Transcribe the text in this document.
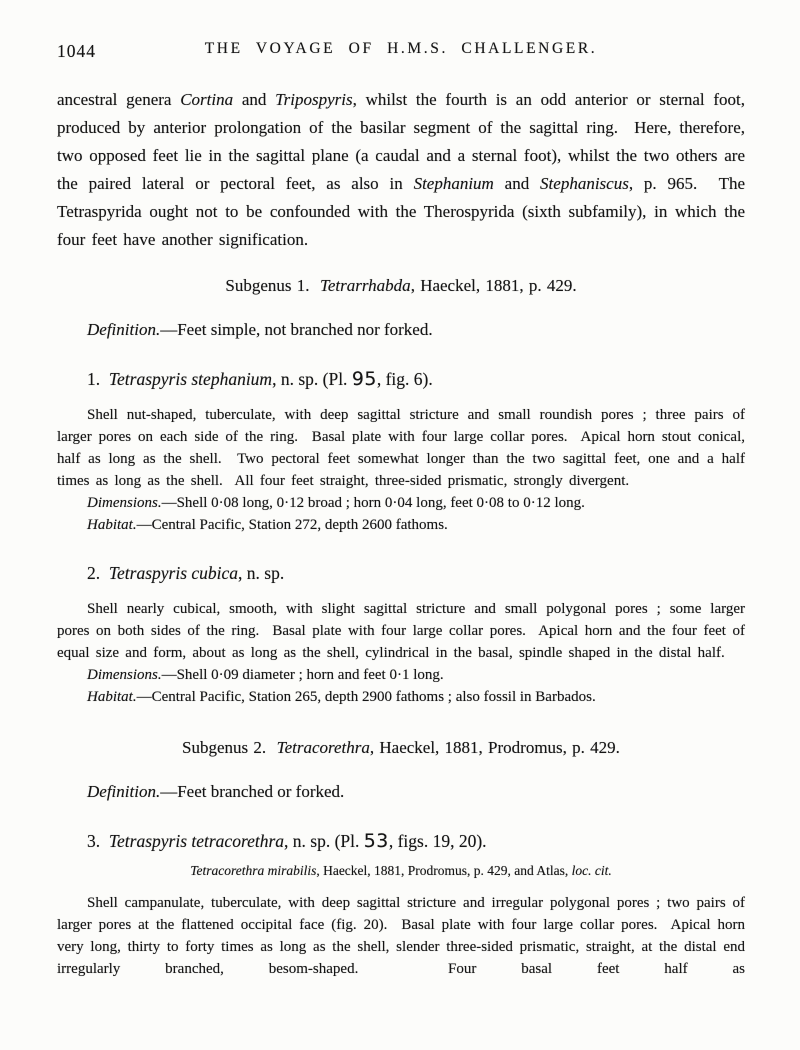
1044	THE VOYAGE OF H.M.S. CHALLENGER.

ancestral genera Cortina and Tripospyris, whilst the fourth is an odd anterior or sternal foot, produced by anterior prolongation of the basilar segment of the sagittal ring.  Here, therefore, two opposed feet lie in the sagittal plane (a caudal and a sternal foot), whilst the two others are the paired lateral or pectoral feet, as also in Stephanium and Stephaniscus, p. 965.  The Tetraspyrida ought not to be confounded with the Therospyrida (sixth subfamily), in which the four feet have another signification.

Subgenus 1.  Tetrarrhabda, Haeckel, 1881, p. 429.
Definition.—Feet simple, not branched nor forked.
1.  Tetraspyris stephanium, n. sp. (Pl. 95, fig. 6).

Shell nut-shaped, tuberculate, with deep sagittal stricture and small roundish pores ; three pairs of larger pores on each side of the ring.  Basal plate with four large collar pores.  Apical horn stout conical, half as long as the shell.  Two pectoral feet somewhat longer than the two sagittal feet, one and a half times as long as the shell.  All four feet straight, three-sided prismatic, strongly divergent.

Dimensions.—Shell 0·08 long, 0·12 broad ; horn 0·04 long, feet 0·08 to 0·12 long.
Habitat.—Central Pacific, Station 272, depth 2600 fathoms.
2.  Tetraspyris cubica, n. sp.

Shell nearly cubical, smooth, with slight sagittal stricture and small polygonal pores ; some larger pores on both sides of the ring.  Basal plate with four large collar pores.  Apical horn and the four feet of equal size and form, about as long as the shell, cylindrical in the basal, spindle shaped in the distal half.

Dimensions.—Shell 0·09 diameter ; horn and feet 0·1 long.
Habitat.—Central Pacific, Station 265, depth 2900 fathoms ; also fossil in Barbados.
Subgenus 2.  Tetracorethra, Haeckel, 1881, Prodromus, p. 429.
Definition.—Feet branched or forked.
3.  Tetraspyris tetracorethra, n. sp. (Pl. 53, figs. 19, 20).
Tetracorethra mirabilis, Haeckel, 1881, Prodromus, p. 429, and Atlas, loc. cit.

Shell campanulate, tuberculate, with deep sagittal stricture and irregular polygonal pores ; two pairs of larger pores at the flattened occipital face (fig. 20).  Basal plate with four large collar pores.  Apical horn very long, thirty to forty times as long as the shell, slender three-sided prismatic, straight, at the distal end irregularly branched, besom-shaped.  Four basal feet half as
